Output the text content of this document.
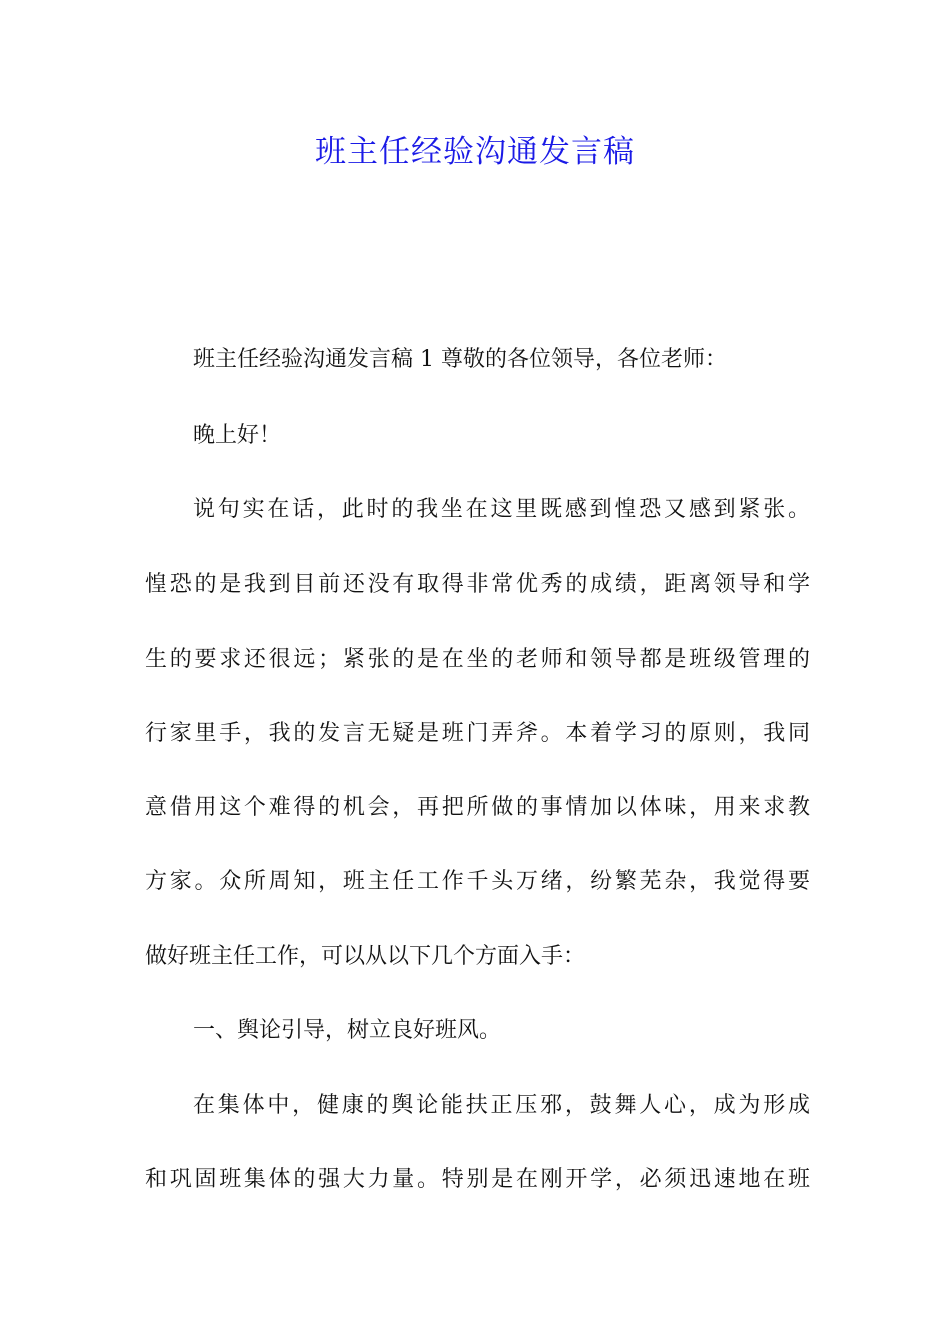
班主任经验沟通发言稿
班主任经验沟通发言稿 1 尊敬的各位领导，各位老师：
晚上好！
说句实在话，此时的我坐在这里既感到惶恐又感到紧张。
惶恐的是我到目前还没有取得非常优秀的成绩，距离领导和学
生的要求还很远；紧张的是在坐的老师和领导都是班级管理的
行家里手，我的发言无疑是班门弄斧。本着学习的原则，我同
意借用这个难得的机会，再把所做的事情加以体味，用来求教
方家。众所周知，班主任工作千头万绪，纷繁芜杂，我觉得要
做好班主任工作，可以从以下几个方面入手：
一、舆论引导，树立良好班风。
在集体中，健康的舆论能扶正压邪，鼓舞人心，成为形成
和巩固班集体的强大力量。特别是在刚开学，必须迅速地在班
